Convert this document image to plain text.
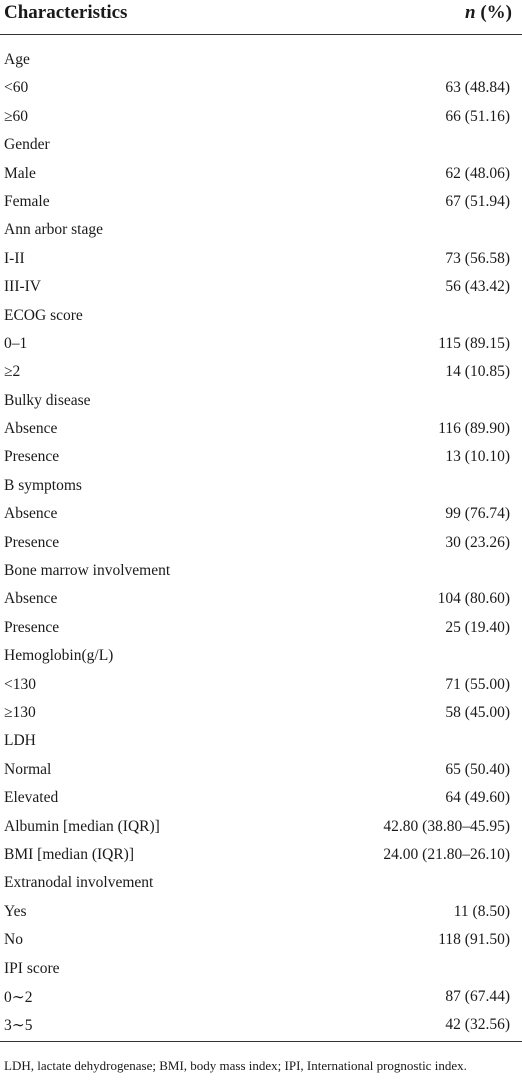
Characteristics	n (%)
Age
<60	63 (48.84)
≥60	66 (51.16)
Gender
Male	62 (48.06)
Female	67 (51.94)
Ann arbor stage
I-II	73 (56.58)
III-IV	56 (43.42)
ECOG score
0–1	115 (89.15)
≥2	14 (10.85)
Bulky disease
Absence	116 (89.90)
Presence	13 (10.10)
B symptoms
Absence	99 (76.74)
Presence	30 (23.26)
Bone marrow involvement
Absence	104 (80.60)
Presence	25 (19.40)
Hemoglobin(g/L)
<130	71 (55.00)
≥130	58 (45.00)
LDH
Normal	65 (50.40)
Elevated	64 (49.60)
Albumin [median (IQR)]	42.80 (38.80–45.95)
BMI [median (IQR)]	24.00 (21.80–26.10)
Extranodal involvement
Yes	11 (8.50)
No	118 (91.50)
IPI score
0∼2	87 (67.44)
3∼5	42 (32.56)
LDH, lactate dehydrogenase; BMI, body mass index; IPI, International prognostic index.
